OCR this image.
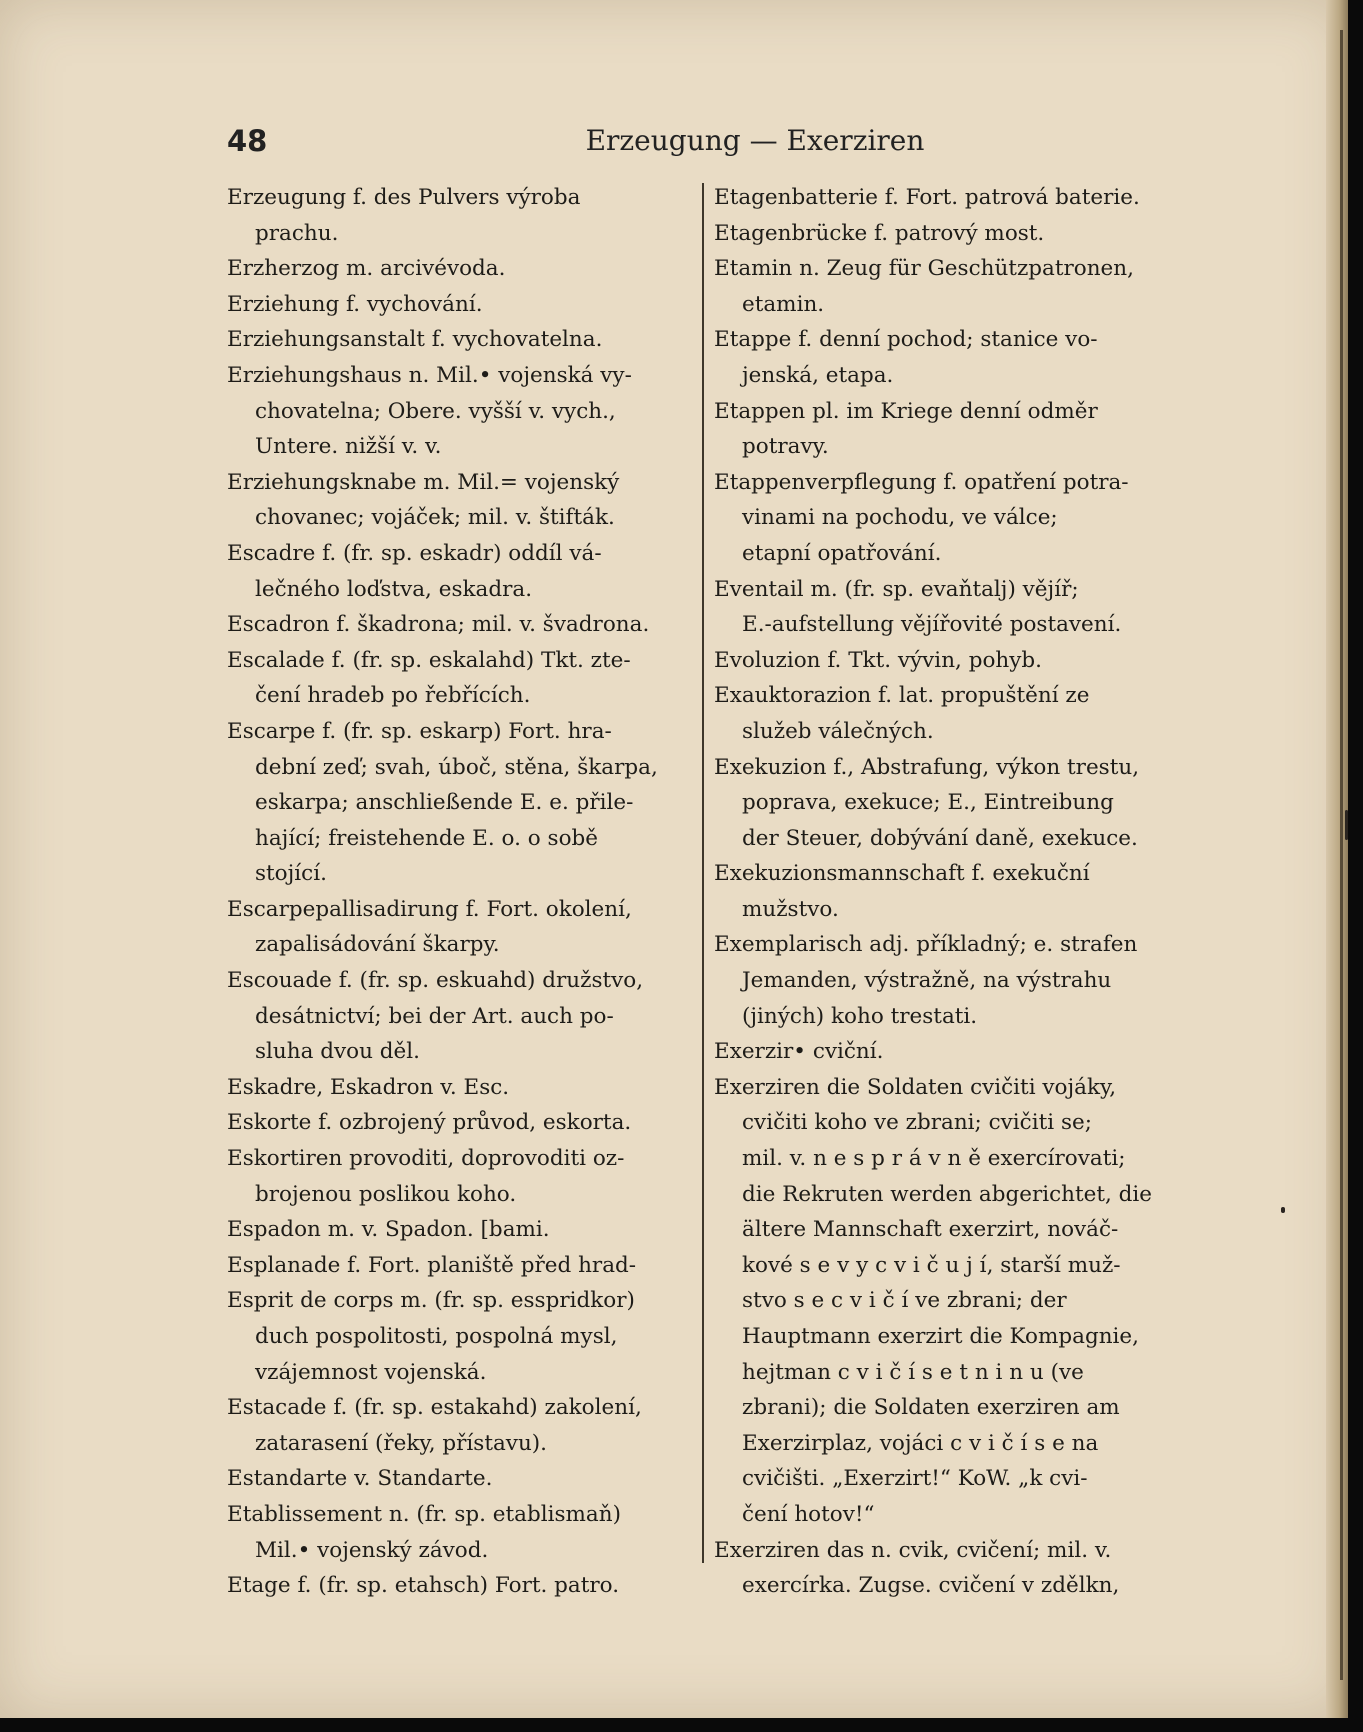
48	Erzeugung — Exerziren
Erzeugung f. des Pulvers výroba
prachu.
Erzherzog m. arcivévoda.
Erziehung f. vychování.
Erziehungsanstalt f. vychovatelna.
Erziehungshaus n. Mil.• vojenská vy-
chovatelna; Obere. vyšší v. vych.,
Untere. nižší v. v.
Erziehungsknabe m. Mil.= vojenský
chovanec; vojáček; mil. v. štifták.
Escadre f. (fr. sp. eskadr) oddíl vá-
lečného loďstva, eskadra.
Escadron f. škadrona; mil. v. švadrona.
Escalade f. (fr. sp. eskalahd) Tkt. zte-
čení hradeb po řebřících.
Escarpe f. (fr. sp. eskarp) Fort. hra-
dební zeď; svah, úboč, stěna, škarpa,
eskarpa; anschließende E. e. přile-
hající; freistehende E. o. o sobě
stojící.
Escarpepallisadirung f. Fort. okolení,
zapalisádování škarpy.
Escouade f. (fr. sp. eskuahd) družstvo,
desátnictví; bei der Art. auch po-
sluha dvou děl.
Eskadre, Eskadron v. Esc.
Eskorte f. ozbrojený průvod, eskorta.
Eskortiren provoditi, doprovoditi oz-
brojenou poslikou koho.
Espadon m. v. Spadon. [bami.
Esplanade f. Fort. planiště před hrad-
Esprit de corps m. (fr. sp. esspridkor)
duch pospolitosti, pospolná mysl,
vzájemnost vojenská.
Estacade f. (fr. sp. estakahd) zakolení,
zatarasení (řeky, přístavu).
Estandarte v. Standarte.
Etablissement n. (fr. sp. etablismaň)
Mil.• vojenský závod.
Etage f. (fr. sp. etahsch) Fort. patro.
Etagenbatterie f. Fort. patrová baterie.
Etagenbrücke f. patrový most.
Etamin n. Zeug für Geschützpatronen,
etamin.
Etappe f. denní pochod; stanice vo-
jenská, etapa.
Etappen pl. im Kriege denní odměr
potravy.
Etappenverpflegung f. opatření potra-
vinami na pochodu, ve válce;
etapní opatřování.
Eventail m. (fr. sp. evaňtalj) vějíř;
E.-aufstellung vějířovité postavení.
Evoluzion f. Tkt. vývin, pohyb.
Exauktorazion f. lat. propuštění ze
služeb válečných.
Exekuzion f., Abstrafung, výkon trestu,
poprava, exekuce; E., Eintreibung
der Steuer, dobývání daně, exekuce.
Exekuzionsmannschaft f. exekuční
mužstvo.
Exemplarisch adj. příkladný; e. strafen
Jemanden, výstražně, na výstrahu
(jiných) koho trestati.
Exerzir• cviční.
Exerziren die Soldaten cvičiti vojáky,
cvičiti koho ve zbrani; cvičiti se;
mil. v. n e s p r á v n ě exercírovati;
die Rekruten werden abgerichtet, die
ältere Mannschaft exerzirt, nováč-
kové s e v y c v i č u j í, starší muž-
stvo s e c v i č í ve zbrani; der
Hauptmann exerzirt die Kompagnie,
hejtman c v i č í s e t n i n u (ve
zbrani); die Soldaten exerziren am
Exerzirplaz, vojáci c v i č í s e na
cvičišti. „Exerzirt!“ KoW. „k cvi-
čení hotov!“
Exerziren das n. cvik, cvičení; mil. v.
exercírka. Zugse. cvičení v zdělkn,
